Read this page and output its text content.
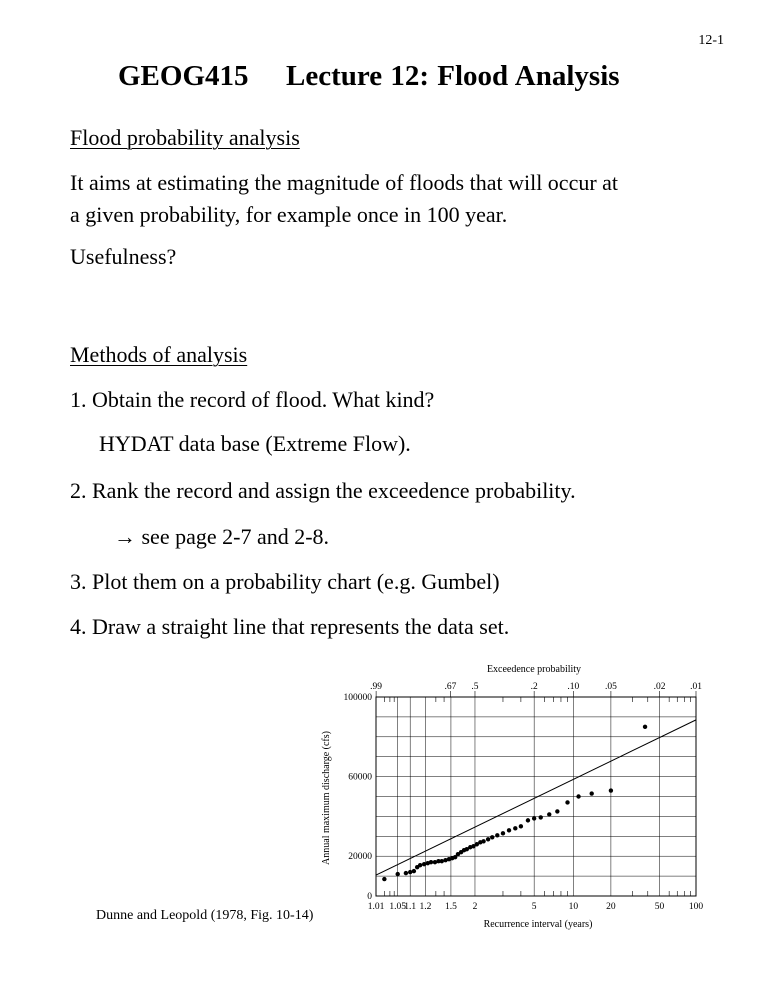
12-1
GEOG415 Lecture 12: Flood Analysis
Flood probability analysis
It aims at estimating the magnitude of floods that will occur at
a given probability, for example once in 100 year.
Usefulness?
Methods of analysis
1. Obtain the record of flood. What kind?
HYDAT data base (Extreme Flow).
2. Rank the record and assign the exceedence probability.
→ see page 2-7 and 2-8.
3. Plot them on a probability chart (e.g. Gumbel)
4. Draw a straight line that represents the data set.
Exceedence probability
Recurrence interval (years)
Annual maximum discharge (cfs)
1.01 1.05
1.1 1.2 1.5 2	5	10	20	50	100
.99	.67 .5	.2	.10	.05	.02	.01
0
20000
60000
100000
Dunne and Leopold (1978, Fig. 10-14)
